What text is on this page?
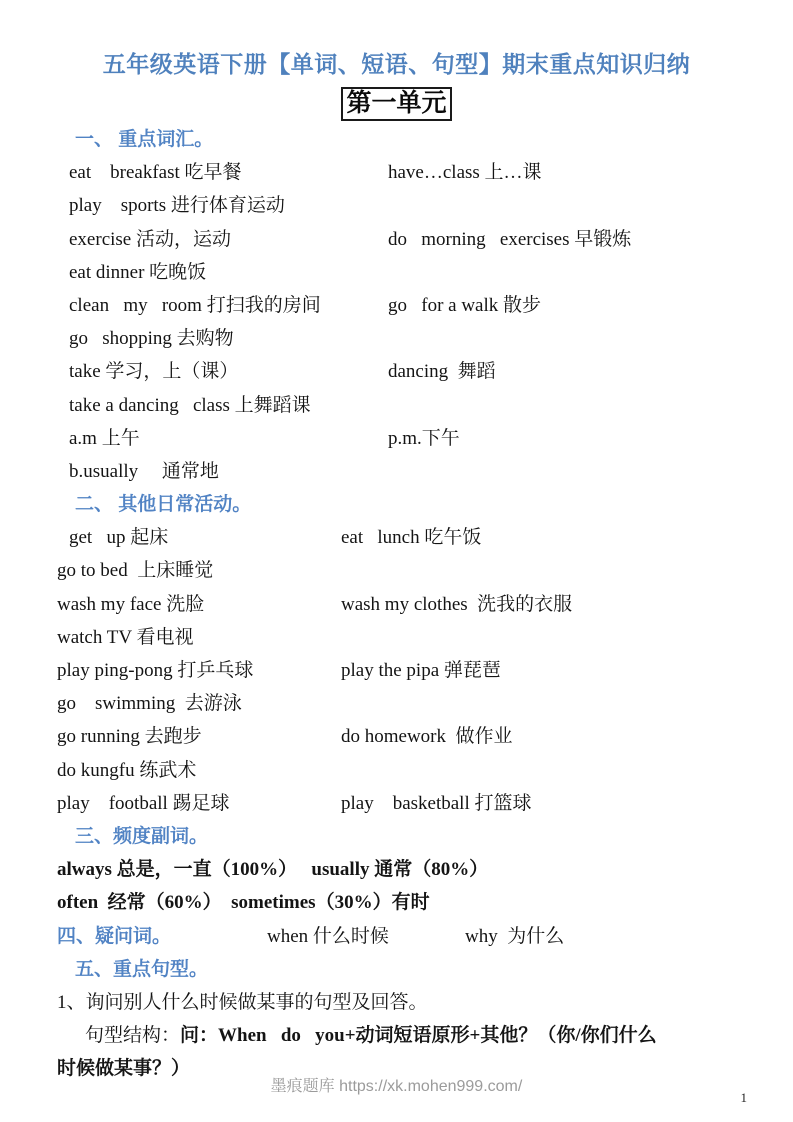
五年级英语下册【单词、短语、句型】期末重点知识归纳
第一单元
一、 重点词汇。
eat    breakfast 吃早餐	have…class 上…课
play    sports 进行体育运动
exercise 活动，运动	do   morning   exercises 早锻炼
eat dinner 吃晚饭
clean   my   room 打扫我的房间	go   for a walk 散步
go   shopping 去购物
take 学习，上（课）	dancing  舞蹈
take a dancing   class 上舞蹈课
a.m 上午	p.m.下午
b.usually     通常地
二、 其他日常活动。
get   up 起床	eat   lunch 吃午饭
go to bed  上床睡觉
wash my face 洗脸	wash my clothes  洗我的衣服
watch TV 看电视
play ping-pong 打乒乓球	play the pipa 弹琵琶
go    swimming  去游泳
go running 去跑步	do homework  做作业
do kungfu 练武术
play    football 踢足球	play    basketball 打篮球
三、频度副词。
always 总是，一直（100%）   usually 通常（80%）
often  经常（60%）  sometimes（30%）有时
四、疑问词。	when 什么时候	why  为什么
五、重点句型。
1、询问别人什么时候做某事的句型及回答。
句型结构：问：When   do   you+动词短语原形+其他？（你/你们什么
时候做某事？）
墨痕题库 https://xk.mohen999.com/
1
